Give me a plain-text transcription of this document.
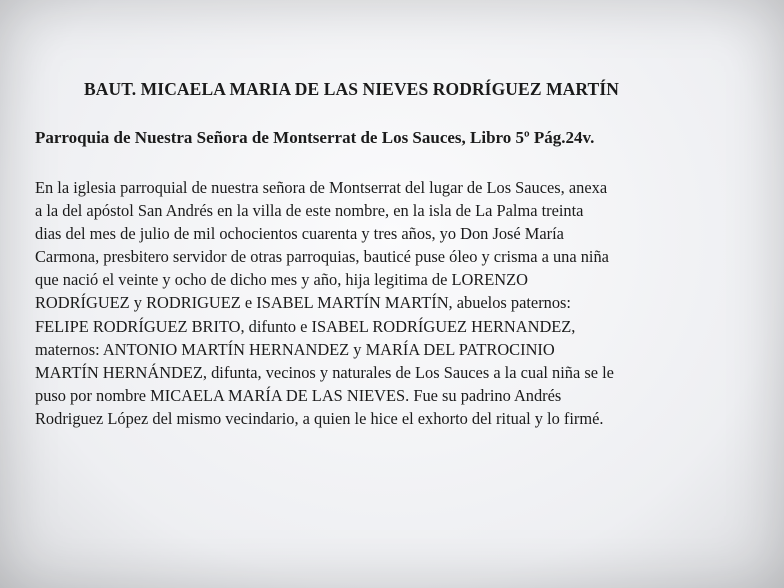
BAUT. MICAELA MARIA DE LAS NIEVES RODRÍGUEZ MARTÍN
Parroquia de Nuestra Señora de Montserrat de Los Sauces, Libro 5º Pág.24v.
En la iglesia parroquial de nuestra señora de Montserrat del lugar de Los Sauces, anexa
a la del apóstol San Andrés en la villa de este nombre, en la isla de La Palma treinta
dias del mes de julio de mil ochocientos cuarenta y tres años, yo Don José María
Carmona, presbitero servidor de otras parroquias, bauticé puse óleo y crisma a una niña
que nació el veinte y ocho de dicho mes y año, hija legitima de LORENZO
RODRÍGUEZ y RODRIGUEZ e ISABEL MARTÍN MARTÍN, abuelos paternos:
FELIPE RODRÍGUEZ BRITO, difunto e ISABEL RODRÍGUEZ HERNANDEZ,
maternos: ANTONIO MARTÍN HERNANDEZ y MARÍA DEL PATROCINIO
MARTÍN HERNÁNDEZ, difunta, vecinos y naturales de Los Sauces a la cual niña se le
puso por nombre MICAELA MARÍA DE LAS NIEVES. Fue su padrino Andrés
Rodriguez López del mismo vecindario, a quien le hice el exhorto del ritual y lo firmé.
